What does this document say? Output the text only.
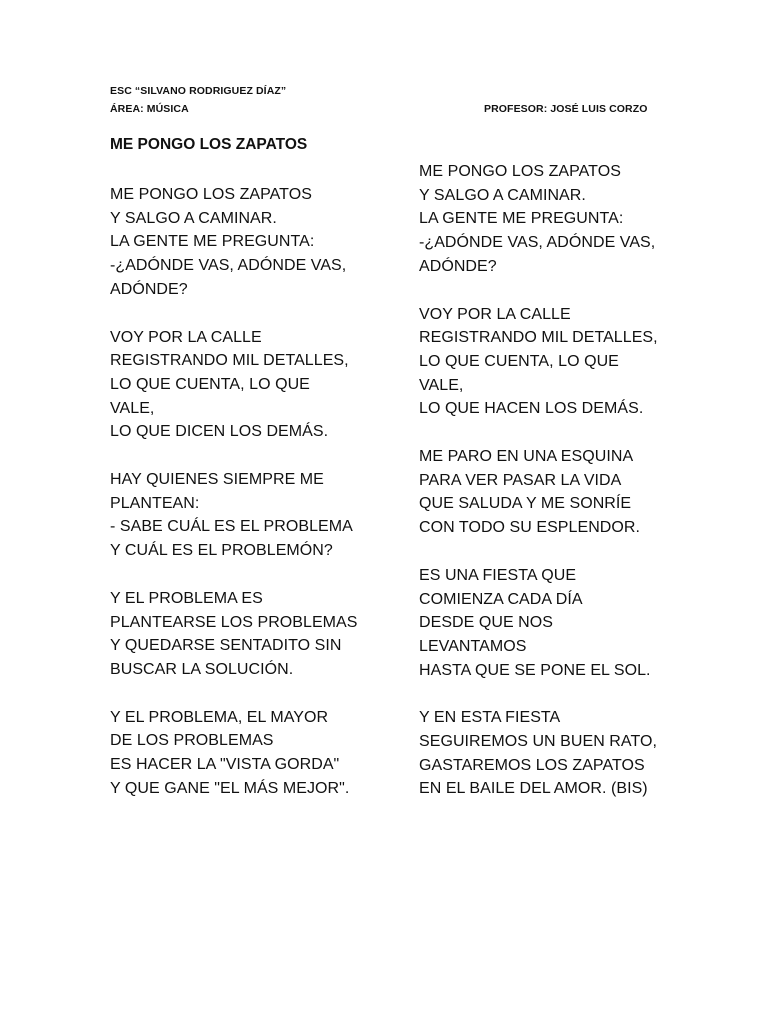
ESC “SILVANO RODRIGUEZ DÍAZ”
ÁREA: MÚSICA	PROFESOR: JOSÉ LUIS CORZO
ME PONGO LOS ZAPATOS
ME PONGO LOS ZAPATOS
Y SALGO A CAMINAR.
LA GENTE ME PREGUNTA:
-¿ADÓNDE VAS, ADÓNDE VAS,
ADÓNDE?
VOY POR LA CALLE
REGISTRANDO MIL DETALLES,
LO QUE CUENTA, LO QUE
VALE,
LO QUE DICEN LOS DEMÁS.
HAY QUIENES SIEMPRE ME
PLANTEAN:
- SABE CUÁL ES EL PROBLEMA
Y CUÁL ES EL PROBLEMÓN?
Y EL PROBLEMA ES
PLANTEARSE LOS PROBLEMAS
Y QUEDARSE SENTADITO SIN
BUSCAR LA SOLUCIÓN.
Y EL PROBLEMA, EL MAYOR
DE LOS PROBLEMAS
ES HACER LA "VISTA GORDA"
Y QUE GANE "EL MÁS MEJOR".
ME PONGO LOS ZAPATOS
Y SALGO A CAMINAR.
LA GENTE ME PREGUNTA:
-¿ADÓNDE VAS, ADÓNDE VAS,
ADÓNDE?
VOY POR LA CALLE
REGISTRANDO MIL DETALLES,
LO QUE CUENTA, LO QUE
VALE,
LO QUE HACEN LOS DEMÁS.
ME PARO EN UNA ESQUINA
PARA VER PASAR LA VIDA
QUE SALUDA Y ME SONRÍE
CON TODO SU ESPLENDOR.
ES UNA FIESTA QUE
COMIENZA CADA DÍA
DESDE QUE NOS
LEVANTAMOS
HASTA QUE SE PONE EL SOL.
Y EN ESTA FIESTA
SEGUIREMOS UN BUEN RATO,
GASTAREMOS LOS ZAPATOS
EN EL BAILE DEL AMOR. (BIS)
